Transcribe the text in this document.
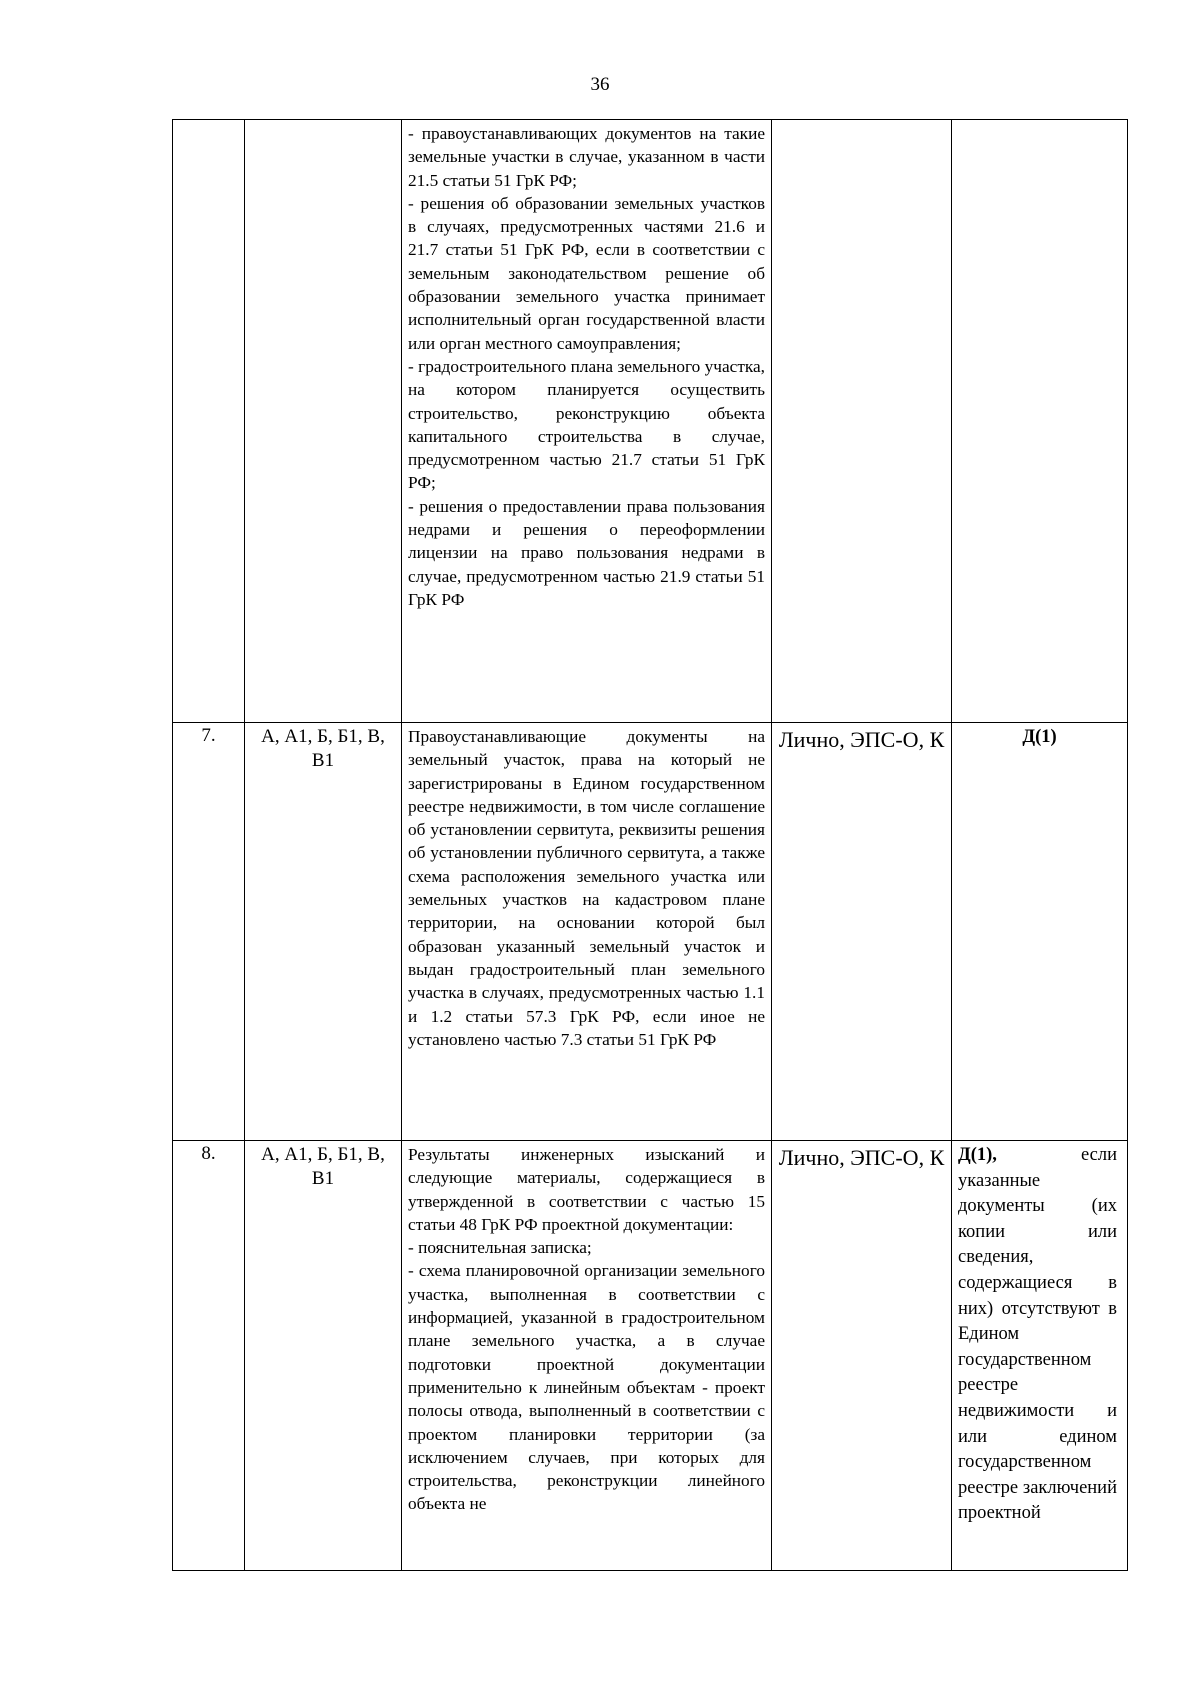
36

		- правоустанавливающих документов на такие земельные участки в случае, указанном в части 21.5 статьи 51 ГрК РФ;
- решения об образовании земельных участков в случаях, предусмотренных частями 21.6 и 21.7 статьи 51 ГрК РФ, если в соответствии с земельным законодательством решение об образовании земельного участка принимает исполнительный орган государственной власти или орган местного самоуправления;
- градостроительного плана земельного участка, на котором планируется осуществить строительство, реконструкцию объекта капитального строительства в случае, предусмотренном частью 21.7 статьи 51 ГрК РФ;
- решения о предоставлении права пользования недрами и решения о переоформлении лицензии на право пользования недрами в случае, предусмотренном частью 21.9 статьи 51 ГрК РФ		

7.	А, А1, Б, Б1, В, В1	Правоустанавливающие документы на земельный участок, права на который не зарегистрированы в Едином государственном реестре недвижимости, в том числе соглашение об установлении сервитута, реквизиты решения об установлении публичного сервитута, а также схема расположения земельного участка или земельных участков на кадастровом плане территории, на основании которой был образован указанный земельный участок и выдан градостроительный план земельного участка в случаях, предусмотренных частью 1.1 и 1.2 статьи 57.3 ГрК РФ, если иное не установлено частью 7.3 статьи 51 ГрК РФ	Лично, ЭПС-О, К	Д(1)
8.	А, А1, Б, Б1, В, В1	Результаты инженерных изысканий и следующие материалы, содержащиеся в утвержденной в соответствии с частью 15 статьи 48 ГрК РФ проектной документации:
- пояснительная записка;
- схема планировочной организации земельного участка, выполненная в соответствии с информацией, указанной в градостроительном плане земельного участка, а в случае подготовки проектной документации применительно к линейным объектам - проект полосы отвода, выполненный в соответствии с проектом планировки территории (за исключением случаев, при которых для строительства, реконструкции линейного объекта не	Лично, ЭПС-О, К	Д(1), если указанные документы (их копии или сведения, содержащиеся в них) отсутствуют в Едином государственном реестре недвижимости и или едином государственном реестре заключений проектной
